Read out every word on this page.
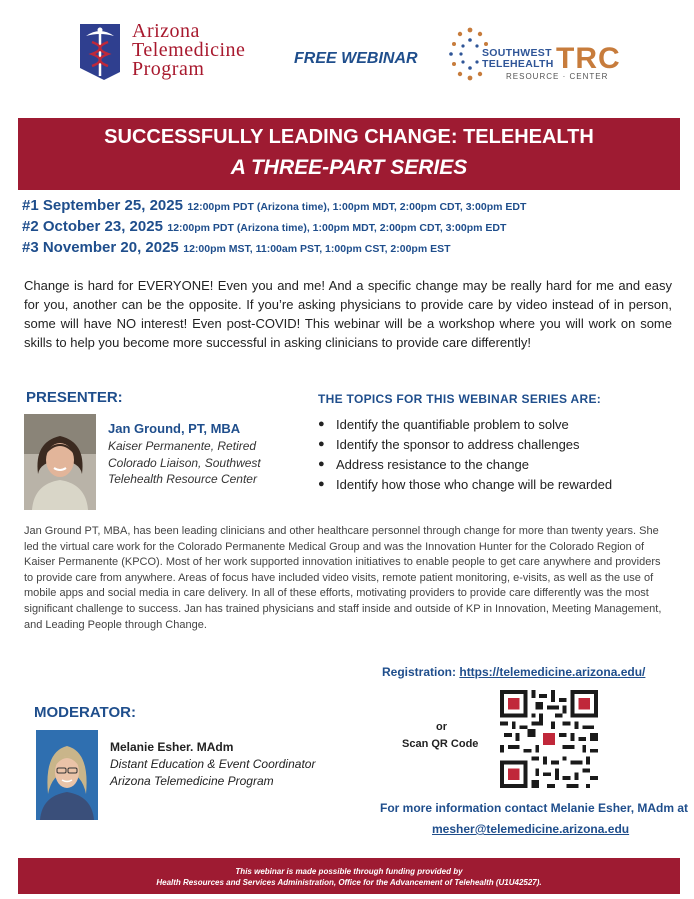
Arizona
Telemedicine
Program	FREE WEBINAR	SOUTHWEST
TELEHEALTH TRC
RESOURCE · CENTER
SUCCESSFULLY LEADING CHANGE: TELEHEALTH
A THREE-PART SERIES
#1 September 25, 2025 12:00pm PDT (Arizona time), 1:00pm MDT, 2:00pm CDT, 3:00pm EDT
#2 October 23, 2025 12:00pm PDT (Arizona time), 1:00pm MDT, 2:00pm CDT, 3:00pm EDT
#3 November 20, 2025 12:00pm MST, 11:00am PST, 1:00pm CST, 2:00pm EST

Change is hard for EVERYONE! Even you and me! And a specific change may be really hard for me and easy for you, another can be the opposite. If you’re asking physicians to provide care by video instead of in person, some will have NO interest! Even post-COVID! This webinar will be a workshop where you will work on some skills to help you become more successful in asking clinicians to provide care differently!

PRESENTER:
Jan Ground, PT, MBA
Kaiser Permanente, Retired
Colorado Liaison, Southwest
Telehealth Resource Center
THE TOPICS FOR THIS WEBINAR SERIES ARE:
● Identify the quantifiable problem to solve
● Identify the sponsor to address challenges
● Address resistance to the change
● Identify how those who change will be rewarded

Jan Ground PT, MBA, has been leading clinicians and other healthcare personnel through change for more than twenty years. She led the virtual care work for the Colorado Permanente Medical Group and was the Innovation Hunter for the Colorado Region of Kaiser Permanente (KPCO). Most of her work supported innovation initiatives to enable people to get care anywhere and providers to provide care from anywhere. Areas of focus have included video visits, remote patient monitoring, e-visits, as well as the use of mobile apps and social media in care delivery. In all of these efforts, motivating providers to provide care differently was the most significant challenge to success. Jan has trained physicians and staff inside and outside of KP in Innovation, Meeting Management, and Leading People through Change.

Registration: https://telemedicine.arizona.edu/
MODERATOR:
Melanie Esher. MAdm
Distant Education & Event Coordinator
Arizona Telemedicine Program
or
Scan QR Code
For more information contact Melanie Esher, MAdm at
mesher@telemedicine.arizona.edu
This webinar is made possible through funding provided by
Health Resources and Services Administration, Office for the Advancement of Telehealth (U1U42527).
